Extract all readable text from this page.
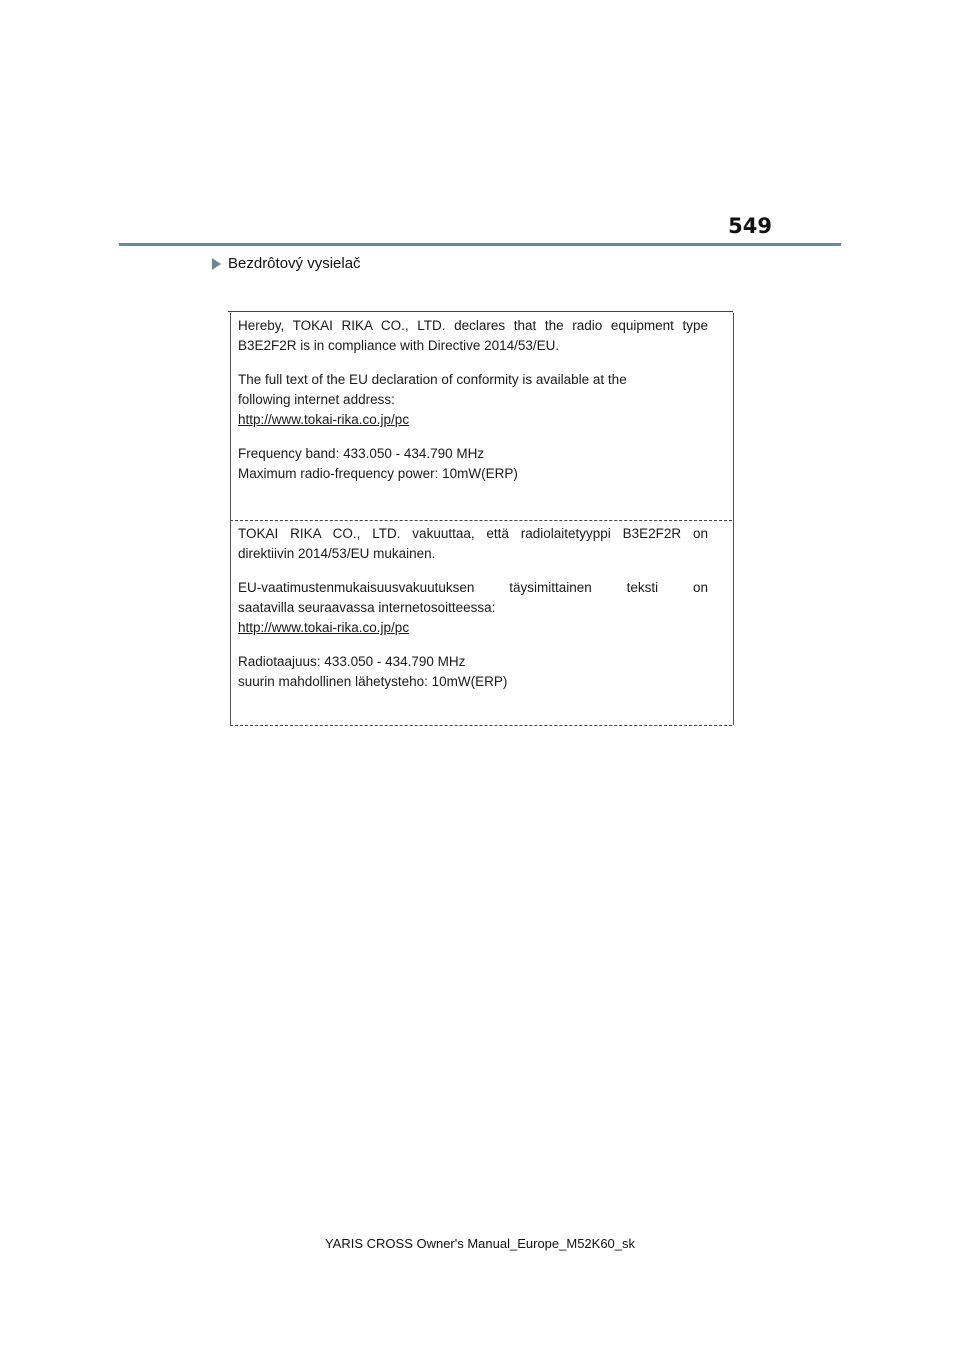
549
Bezdrôtový vysielač

Hereby, TOKAI RIKA CO., LTD. declares that the radio equipment type

B3E2F2R is in compliance with Directive 2014/53/EU.

The full text of the EU declaration of conformity is available at the

following internet address:

http://www.tokai-rika.co.jp/pc

Frequency band: 433.050 - 434.790 MHz

Maximum radio-frequency power: 10mW(ERP)

TOKAI RIKA CO., LTD. vakuuttaa, että radiolaitetyyppi B3E2F2R on

direktiivin 2014/53/EU mukainen.

EU-vaatimustenmukaisuusvakuutuksen täysimittainen teksti on

saatavilla seuraavassa internetosoitteessa:

http://www.tokai-rika.co.jp/pc

Radiotaajuus: 433.050 - 434.790 MHz

suurin mahdollinen lähetysteho: 10mW(ERP)

YARIS CROSS Owner's Manual_Europe_M52K60_sk
